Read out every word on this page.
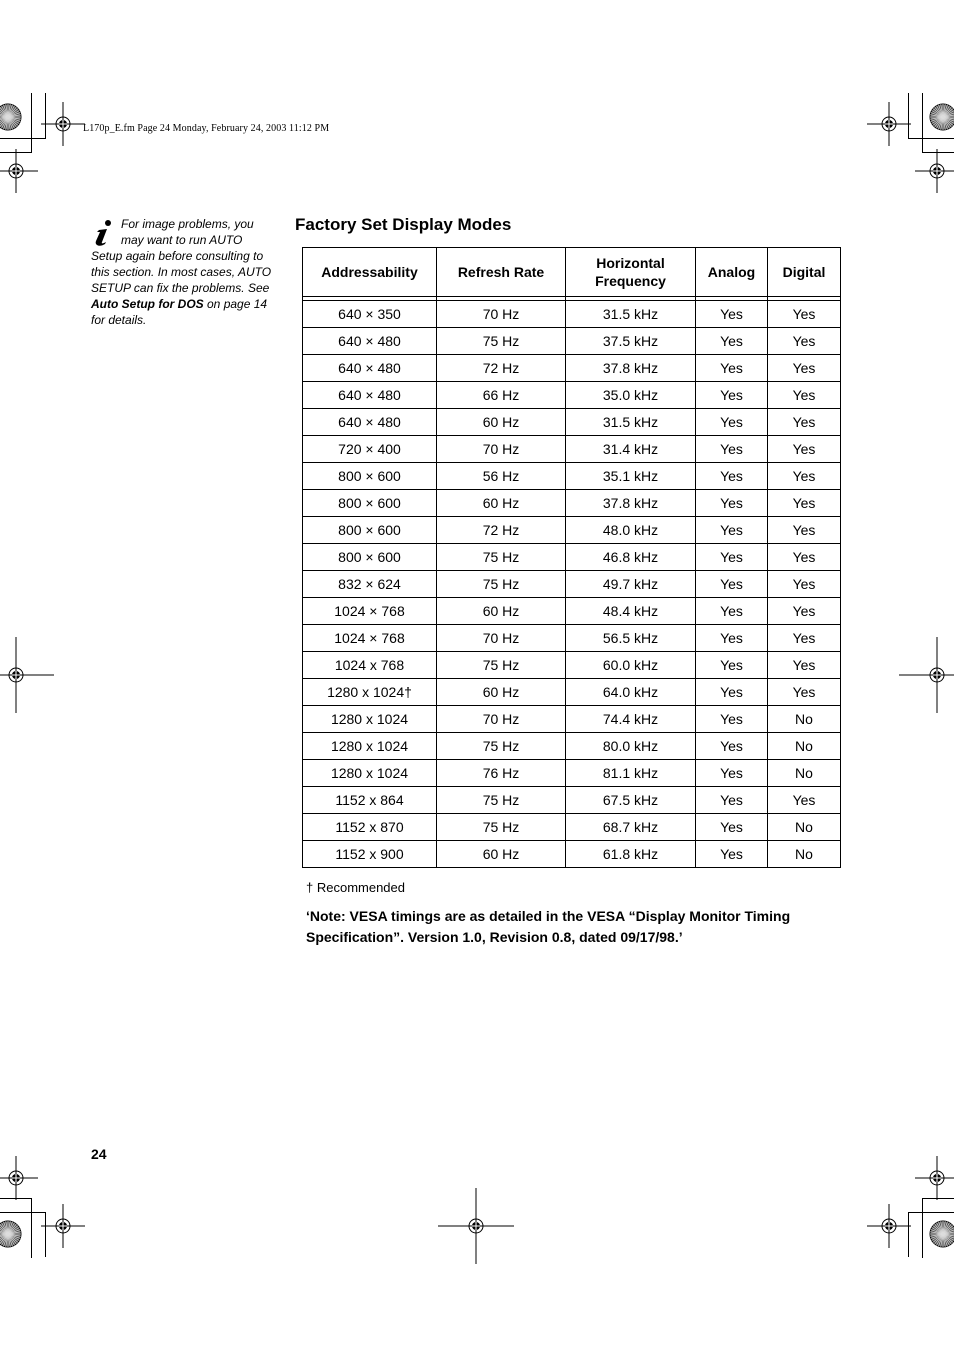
L170p_E.fm Page 24 Monday, February 24, 2003 11:12 PM
For image problems, you may want to run AUTO Setup again before consulting to this section. In most cases, AUTO SETUP can fix the problems. See Auto Setup for DOS on page 14 for details.
Factory Set Display Modes
Addressability	Refresh Rate	Horizontal Frequency	Analog	Digital

640 × 350	70 Hz	31.5 kHz	Yes	Yes
640 × 480	75 Hz	37.5 kHz	Yes	Yes
640 × 480	72 Hz	37.8 kHz	Yes	Yes
640 × 480	66 Hz	35.0 kHz	Yes	Yes
640 × 480	60 Hz	31.5 kHz	Yes	Yes
720 × 400	70 Hz	31.4 kHz	Yes	Yes
800 × 600	56 Hz	35.1 kHz	Yes	Yes
800 × 600	60 Hz	37.8 kHz	Yes	Yes
800 × 600	72 Hz	48.0 kHz	Yes	Yes
800 × 600	75 Hz	46.8 kHz	Yes	Yes
832 × 624	75 Hz	49.7 kHz	Yes	Yes
1024 × 768	60 Hz	48.4 kHz	Yes	Yes
1024 × 768	70 Hz	56.5 kHz	Yes	Yes
1024 x 768	75 Hz	60.0 kHz	Yes	Yes
1280 x 1024†	60 Hz	64.0 kHz	Yes	Yes
1280 x 1024	70 Hz	74.4 kHz	Yes	No
1280 x 1024	75 Hz	80.0 kHz	Yes	No
1280 x 1024	76 Hz	81.1 kHz	Yes	No
1152 x 864	75 Hz	67.5 kHz	Yes	Yes
1152 x 870	75 Hz	68.7 kHz	Yes	No
1152 x 900	60 Hz	61.8 kHz	Yes	No
† Recommended
‘Note: VESA timings are as detailed in the VESA “Display Monitor Timing Specification”. Version 1.0, Revision 0.8, dated 09/17/98.’
24
